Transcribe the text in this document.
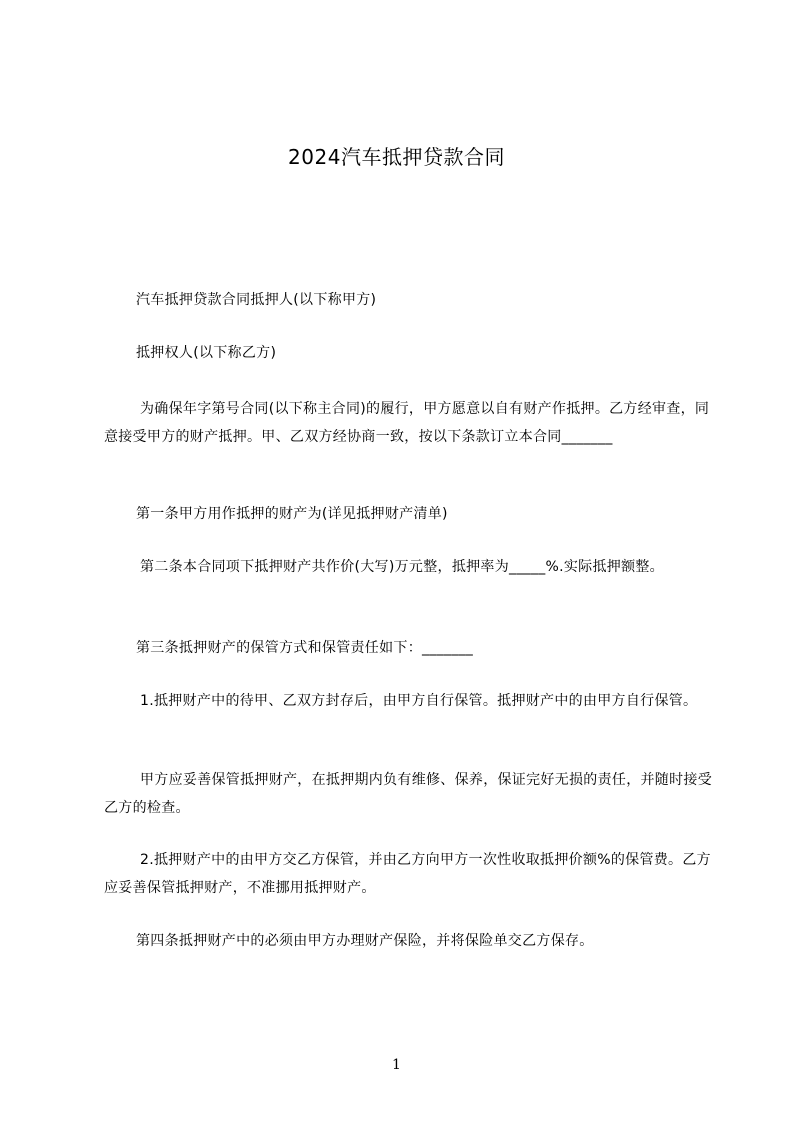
2024汽车抵押贷款合同

汽车抵押贷款合同抵押人(以下称甲方)

抵押权人(以下称乙方)

为确保年字第号合同(以下称主合同)的履行，甲方愿意以自有财产作抵押。乙方经审查，同意接受甲方的财产抵押。甲、乙双方经协商一致，按以下条款订立本合同_______

第一条甲方用作抵押的财产为(详见抵押财产清单)

第二条本合同项下抵押财产共作价(大写)万元整，抵押率为_____%.实际抵押额整。

第三条抵押财产的保管方式和保管责任如下：_______

1.抵押财产中的待甲、乙双方封存后，由甲方自行保管。抵押财产中的由甲方自行保管。

甲方应妥善保管抵押财产，在抵押期内负有维修、保养，保证完好无损的责任，并随时接受乙方的检查。

2.抵押财产中的由甲方交乙方保管，并由乙方向甲方一次性收取抵押价额%的保管费。乙方应妥善保管抵押财产，不准挪用抵押财产。

第四条抵押财产中的必须由甲方办理财产保险，并将保险单交乙方保存。

1
